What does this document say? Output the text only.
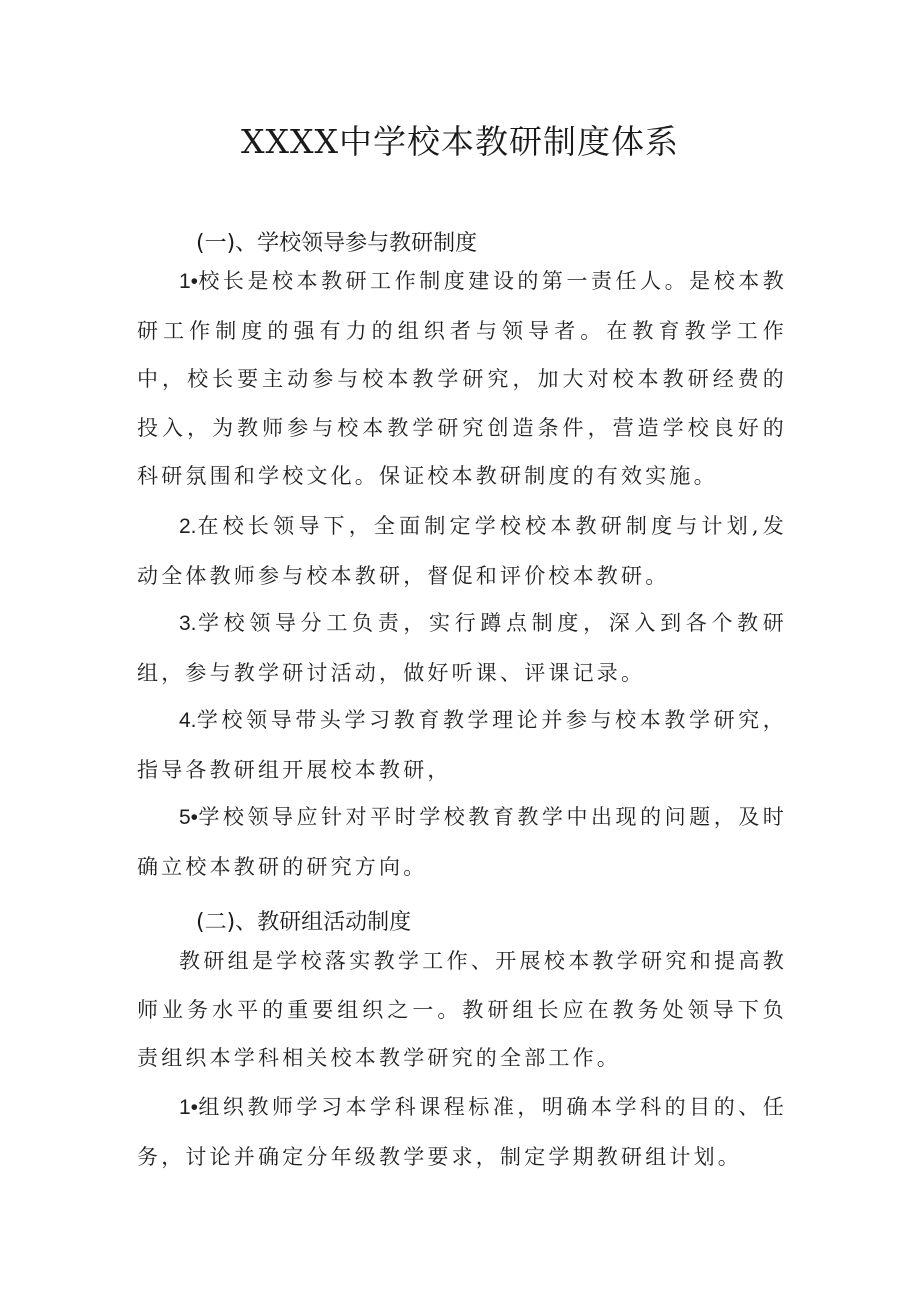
XXXX中学校本教研制度体系
(一)、学校领导参与教研制度

1•校长是校本教研工作制度建设的第一责任人。是校本教研工作制度的强有力的组织者与领导者。在教育教学工作中，校长要主动参与校本教学研究，加大对校本教研经费的投入，为教师参与校本教学研究创造条件，营造学校良好的科研氛围和学校文化。保证校本教研制度的有效实施。

2.在校长领导下，全面制定学校校本教研制度与计划,发动全体教师参与校本教研，督促和评价校本教研。

3.学校领导分工负责，实行蹲点制度，深入到各个教研组，参与教学研讨活动，做好听课、评课记录。

4.学校领导带头学习教育教学理论并参与校本教学研究，指导各教研组开展校本教研，

5•学校领导应针对平时学校教育教学中出现的问题，及时确立校本教研的研究方向。

(二)、教研组活动制度

教研组是学校落实教学工作、开展校本教学研究和提高教师业务水平的重要组织之一。教研组长应在教务处领导下负责组织本学科相关校本教学研究的全部工作。

1•组织教师学习本学科课程标准，明确本学科的目的、任务，讨论并确定分年级教学要求，制定学期教研组计划。
